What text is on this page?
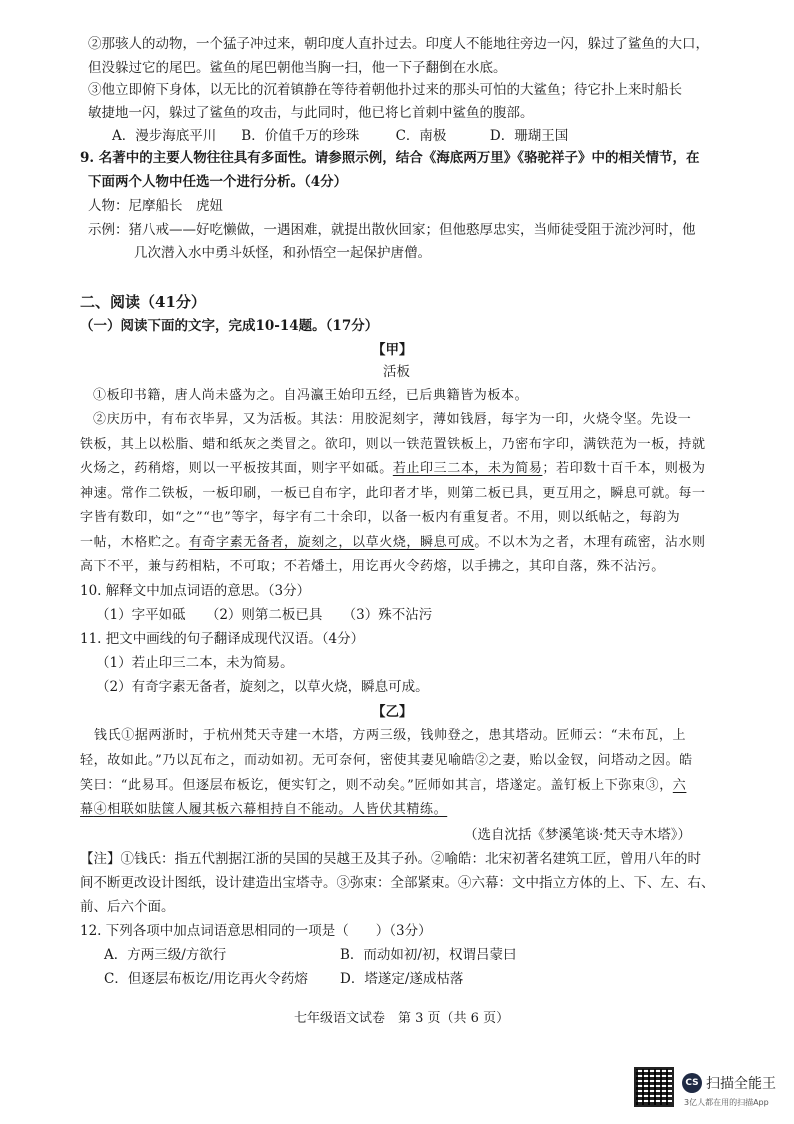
②那骇人的动物，一个猛子冲过来，朝印度人直扑过去。印度人不能地往旁边一闪，躲过了鲨鱼的大口，
但没躲过它的尾巴。鲨鱼的尾巴朝他当胸一扫，他一下子翻倒在水底。
③他立即俯下身体，以无比的沉着镇静在等待着朝他扑过来的那头可怕的大鲨鱼；待它扑上来时船长
敏捷地一闪，躲过了鲨鱼的攻击，与此同时，他已将匕首刺中鲨鱼的腹部。
A．漫步海底平川 B．价值千万的珍珠	C．南极	D．珊瑚王国
9. 名著中的主要人物往往具有多面性。请参照示例，结合《海底两万里》《骆驼祥子》中的相关情节，在
下面两个人物中任选一个进行分析。（4分）
人物：尼摩船长　虎妞
示例：猪八戒——好吃懒做，一遇困难，就提出散伙回家；但他憨厚忠实，当师徒受阻于流沙河时，他
几次潜入水中勇斗妖怪，和孙悟空一起保护唐僧。
二、阅读（41分）
（一）阅读下面的文字，完成10-14题。（17分）
【甲】
活板
①板印书籍，唐人尚未盛为之。自冯瀛王始印五经，已后典籍皆为板本。
②庆历中，有布衣毕昇，又为活板。其法：用胶泥刻字，薄如钱唇，每字为一印，火烧令坚。先设一
铁板，其上以松脂、蜡和纸灰之类冒之。欲印，则以一铁范置铁板上，乃密布字印，满铁范为一板，持就
火炀之，药稍熔，则以一平板按其面，则字平如砥。若止印三二本，未为简易；若印数十百千本，则极为
神速。常作二铁板，一板印刷，一板已自布字，此印者才毕，则第二板已具，更互用之，瞬息可就。每一
字皆有数印，如“之”“也”等字，每字有二十余印，以备一板内有重复者。不用，则以纸帖之，每韵为
一帖，木格贮之。有奇字素无备者，旋刻之，以草火烧，瞬息可成。不以木为之者，木理有疏密，沾水则
高下不平，兼与药相粘，不可取；不若燔土，用讫再火令药熔，以手拂之，其印自落，殊不沾污。
10. 解释文中加点词语的意思。（3分）
（1）字平如砥　　（2）则第二板已具　　（3）殊不沾污
11. 把文中画线的句子翻译成现代汉语。（4分）
（1）若止印三二本，未为简易。
（2）有奇字素无备者，旋刻之，以草火烧，瞬息可成。
【乙】
钱氏①据两浙时，于杭州梵天寺建一木塔，方两三级，钱帅登之，患其塔动。匠师云：“未布瓦，上
轻，故如此。”乃以瓦布之，而动如初。无可奈何，密使其妻见喻皓②之妻，贻以金钗，问塔动之因。皓
笑曰：“此易耳。但逐层布板讫，便实钉之，则不动矣。”匠师如其言，塔遂定。盖钉板上下弥束③，六
幕④相联如胠箧人履其板六幕相持自不能动。人皆伏其精练。
（选自沈括《梦溪笔谈·梵天寺木塔》）
【注】①钱氏：指五代割据江浙的吴国的吴越王及其子孙。②喻皓：北宋初著名建筑工匠，曾用八年的时
间不断更改设计图纸，设计建造出宝塔寺。③弥束：全部紧束。④六幕：文中指立方体的上、下、左、右、
前、后六个面。
12. 下列各项中加点词语意思相同的一项是（　　）（3分）
A．方两三级/方欲行	B．而动如初/初，权谓吕蒙曰
C．但逐层布板讫/用讫再火令药熔 D．塔遂定/遂成枯落
七年级语文试卷　第 3 页（共 6 页）
CS 扫描全能王
3亿人都在用的扫描App
